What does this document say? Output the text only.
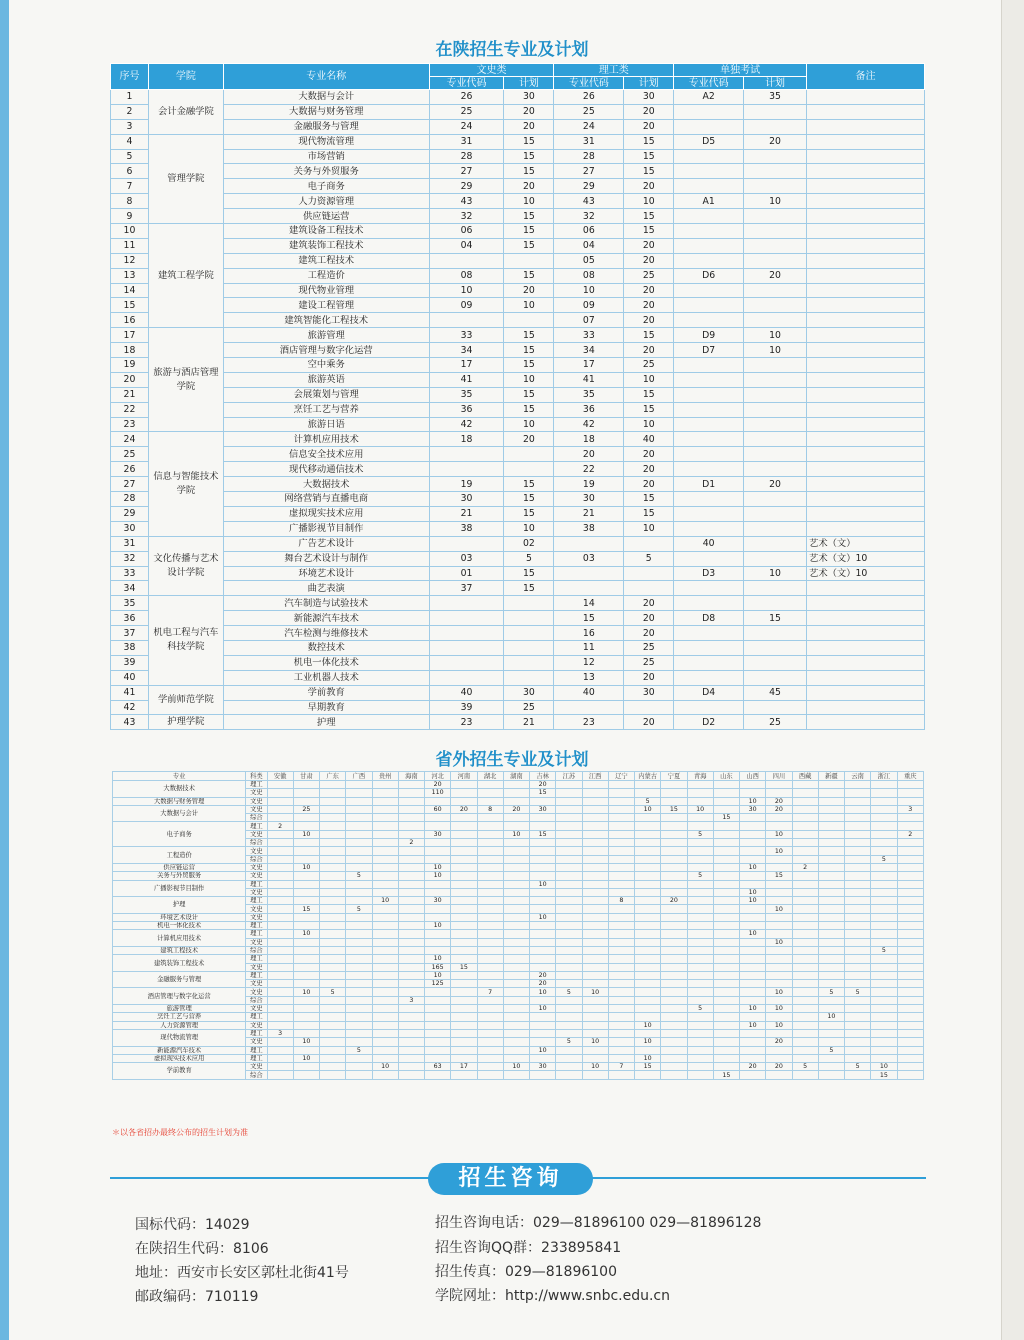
在陕招生专业及计划
序号	学院	专业名称	文史类		理工类		单独考试		备注
			专业代码	计划	专业代码	计划	专业代码	计划	
1	会计金融学院	大数据与会计	26	30	26	30	A2	35	
2		大数据与财务管理	25	20	25	20			
3		金融服务与管理	24	20	24	20			
4	管理学院	现代物流管理	31	15	31	15	D5	20	
5		市场营销	28	15	28	15			
6		关务与外贸服务	27	15	27	15			
7		电子商务	29	20	29	20			
8		人力资源管理	43	10	43	10	A1	10	
9		供应链运营	32	15	32	15			
10	建筑工程学院	建筑设备工程技术	06	15	06	15			
11		建筑装饰工程技术	04	15	04	20			
12		建筑工程技术			05	20			
13		工程造价	08	15	08	25	D6	20	
14		现代物业管理	10	20	10	20			
15		建设工程管理	09	10	09	20			
16		建筑智能化工程技术			07	20			
17	旅游与酒店管理学院	旅游管理	33	15	33	15	D9	10	
18		酒店管理与数字化运营	34	15	34	20	D7	10	
19		空中乘务	17	15	17	25			
20		旅游英语	41	10	41	10			
21		会展策划与管理	35	15	35	15			
22		烹饪工艺与营养	36	15	36	15			
23		旅游日语	42	10	42	10			
24	信息与智能技术学院	计算机应用技术	18	20	18	40			
25		信息安全技术应用			20	20			
26		现代移动通信技术			22	20			
27		大数据技术	19	15	19	20	D1	20	
28		网络营销与直播电商	30	15	30	15			
29		虚拟现实技术应用	21	15	21	15			
30		广播影视节目制作	38	10	38	10			
31	文化传播与艺术设计学院	广告艺术设计		02			40		艺术（文）
32		舞台艺术设计与制作	03	5	03	5			艺术（文）10
33		环境艺术设计	01	15			D3	10	艺术（文）10
34		曲艺表演	37	15					
35	机电工程与汽车科技学院	汽车制造与试验技术			14	20			
36		新能源汽车技术			15	20	D8	15	
37		汽车检测与维修技术			16	20			
38		数控技术			11	25			
39		机电一体化技术			12	25			
40		工业机器人技术			13	20			
41	学前师范学院	学前教育	40	30	40	30	D4	45	
42		早期教育	39	25					
43	护理学院	护理	23	21	23	20	D2	25	
省外招生专业及计划
专业	科类	安徽	甘肃	广东	广西	贵州	海南	河北	河南	湖北	湖南	吉林	江苏	江西	辽宁	内蒙古	宁夏	青海	山东	山西	四川	西藏	新疆	云南	浙江	重庆
大数据技术	理工							20				20														
	文史							110				15														
大数据与财务管理	文史															5				10	20					
大数据与会计	文史		25					60	20	8	20	30				10	15	10		30	20					3
	综合																		15							
电子商务	理工	2																								
	文史		10					30			10	15						5			10					2
	综合						2																			
工程造价	文史																				10					
	综合																								5	
供应链运营	文史		10					10												10		2				
关务与外贸服务	文史				5			10										5			15					
广播影视节目制作	理工											10														
	文史																			10						
护理	理工					10		30							8		20			10						
	文史		15		5																10					
环境艺术设计	文史											10														
机电一体化技术	理工							10																		
计算机应用技术	理工		10																	10						
	文史																				10					
建筑工程技术	综合																								5	
建筑装饰工程技术	理工							10																		
	文史							165	15																	
金融服务与管理	理工							10				20														
	文史							125				20														
酒店管理与数字化运营	文史		10	5						7		10	5	10							10		5	5		
	综合						3																			
旅游管理	文史											10						5		10	10					
烹饪工艺与营养	理工																						10			
人力资源管理	文史															10				10	10					
现代物流管理	理工	3																								
	文史		10										5	10		10					20					
新能源汽车技术	理工				5							10											5			
虚拟现实技术应用	理工		10													10										
学前教育	文史					10		63	17		10	30		10	7	15				20	20	5		5	10	
	综合																		15						15	
＊以各省招办最终公布的招生计划为准
招生咨询
国标代码：14029
在陕招生代码：8106
地址：西安市长安区郭杜北街41号
邮政编码：710119
招生咨询电话：029—81896100 029—81896128
招生咨询QQ群：233895841
招生传真：029—81896100
学院网址：http://www.snbc.edu.cn
